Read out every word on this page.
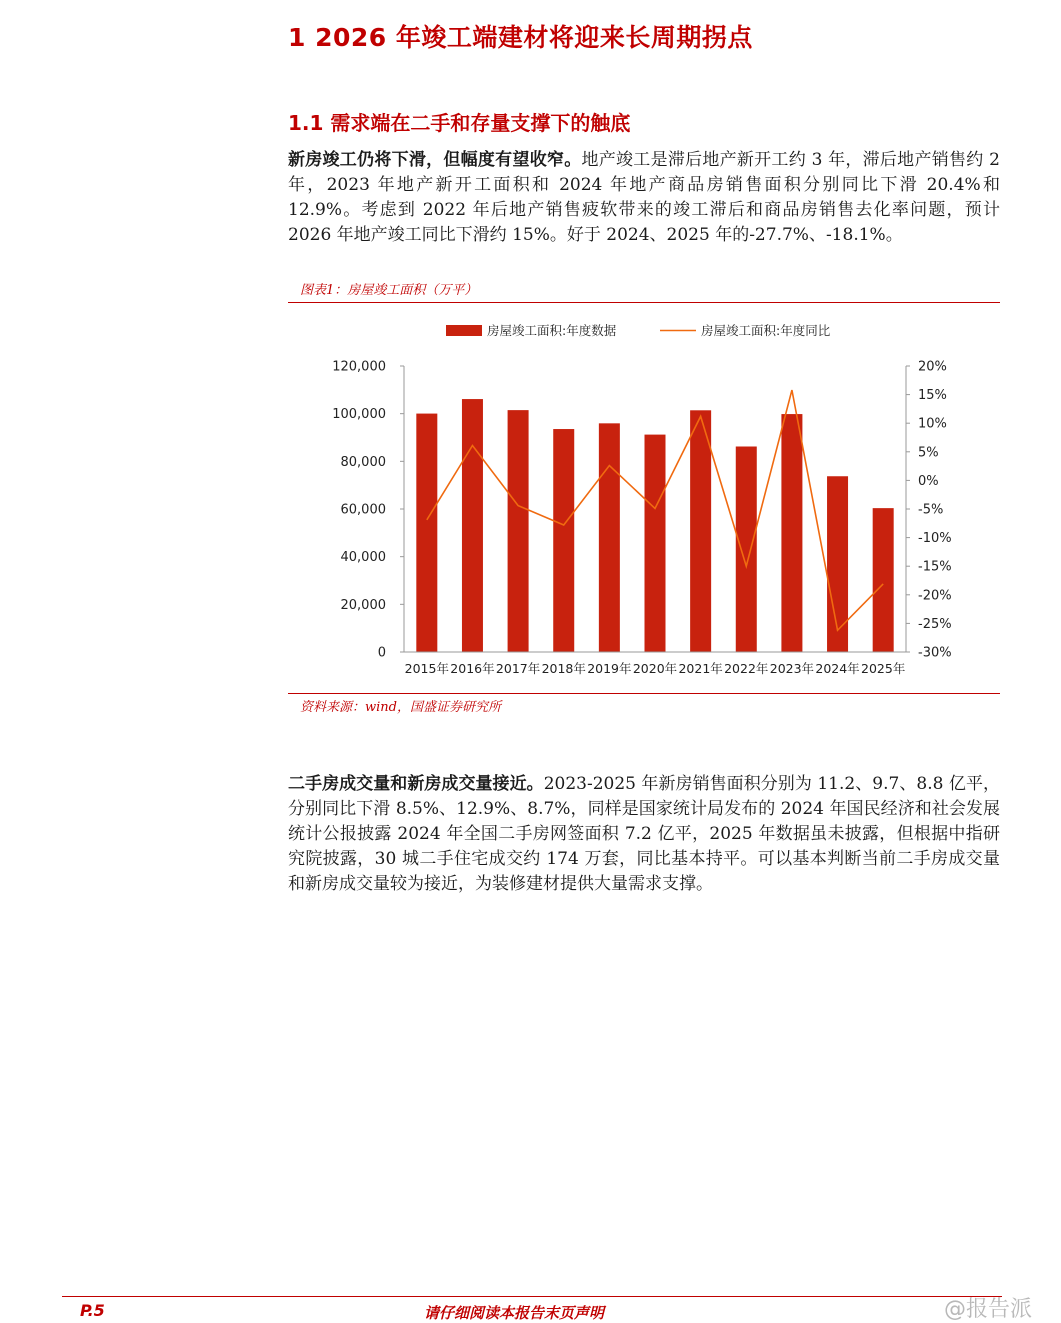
1 2026 年竣工端建材将迎来长周期拐点
1.1 需求端在二手和存量支撑下的触底

新房竣工仍将下滑，但幅度有望收窄。地产竣工是滞后地产新开工约 3 年，滞后地产销售约 2 年，2023 年地产新开工面积和 2024 年地产商品房销售面积分别同比下滑 20.4%和 12.9%。考虑到 2022 年后地产销售疲软带来的竣工滞后和商品房销售去化率问题，预计 2026 年地产竣工同比下滑约 15%。好于 2024、2025 年的-27.7%、-18.1%。

图表1：房屋竣工面积（万平）
房屋竣工面积:年度数据	房屋竣工面积:年度同比
0
20,000
40,000
60,000
80,000
100,000
120,000
-30%
-25%
-20%
-15%
-10%
-5%
0%
5%
10%
15%
20%
2015年 2016年 2017年 2018年 2019年 2020年 2021年 2022年 2023年 2024年 2025年
资料来源：wind，国盛证券研究所

二手房成交量和新房成交量接近。2023-2025 年新房销售面积分别为 11.2、9.7、8.8 亿平，分别同比下滑 8.5%、12.9%、8.7%，同样是国家统计局发布的 2024 年国民经济和社会发展统计公报披露 2024 年全国二手房网签面积 7.2 亿平，2025 年数据虽未披露，但根据中指研究院披露，30 城二手住宅成交约 174 万套，同比基本持平。可以基本判断当前二手房成交量和新房成交量较为接近，为装修建材提供大量需求支撑。

P.5	请仔细阅读本报告末页声明	@报告派
